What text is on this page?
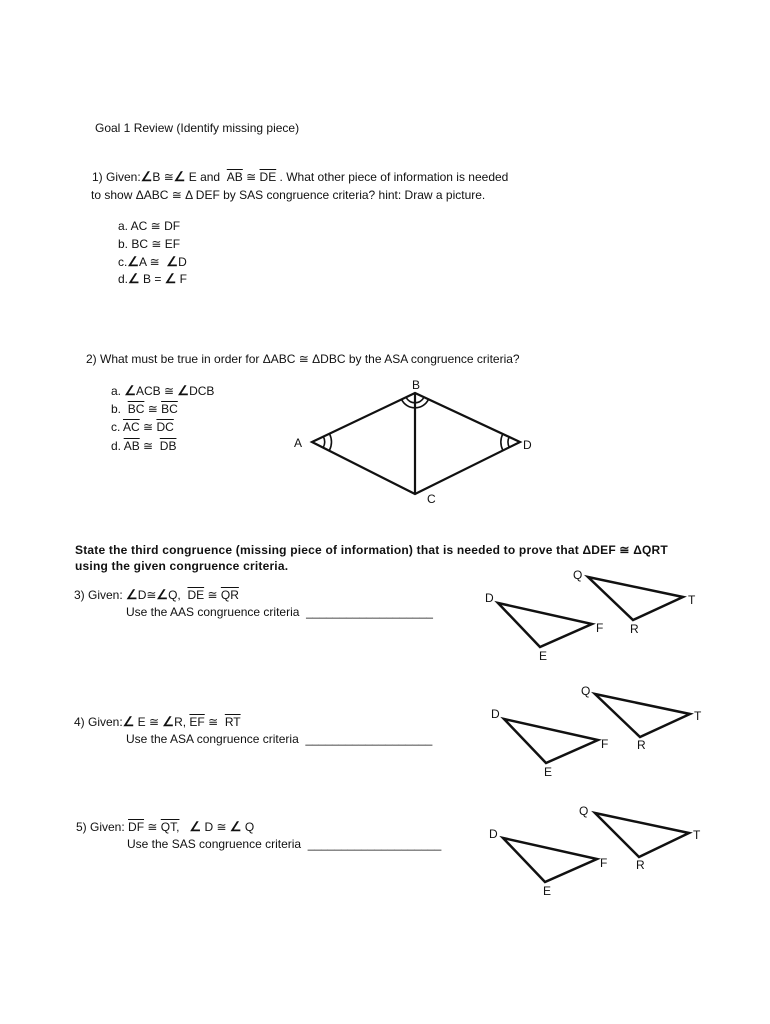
Goal 1 Review (Identify missing piece)
1) Given:∠B ≅∠ E and  $\overline{AB}$ ≅ $\overline{DE}$ . What other piece of information is needed
to show ΔABC ≅ Δ DEF by SAS congruence criteria? hint: Draw a picture.
a. AC ≅ DF
b. BC ≅ EF
c.∠A ≅  ∠D
d.∠ B = ∠ F
2) What must be true in order for ΔABC ≅ ΔDBC by the ASA congruence criteria?
a. ∠ACB ≅ ∠DCB
b. $\overline{BC}$ ≅ $\overline{BC}$
c. $\overline{AC}$ ≅ $\overline{DC}$
d. $\overline{AB}$ ≅ $\overline{DB}$
State the third congruence (missing piece of information) that is needed to prove that ΔDEF ≅ ΔQRT
using the given congruence criteria.
3) Given: ∠D≅∠Q,  $\overline{DE}$ ≅ $\overline{QR}$
Use the AAS congruence criteria ___________________
4) Given:∠ E ≅ ∠R, $\overline{EF}$ ≅ $\overline{RT}$
Use the ASA congruence criteria ___________________
5) Given: $\overline{DF}$ ≅ QT, ∠ D ≅ ∠ Q
Use the SAS congruence criteria ____________________
B
A	D
C
Q
T
D
F R
E
Q
T
D
F R
E
Q
T
D
F R
E
